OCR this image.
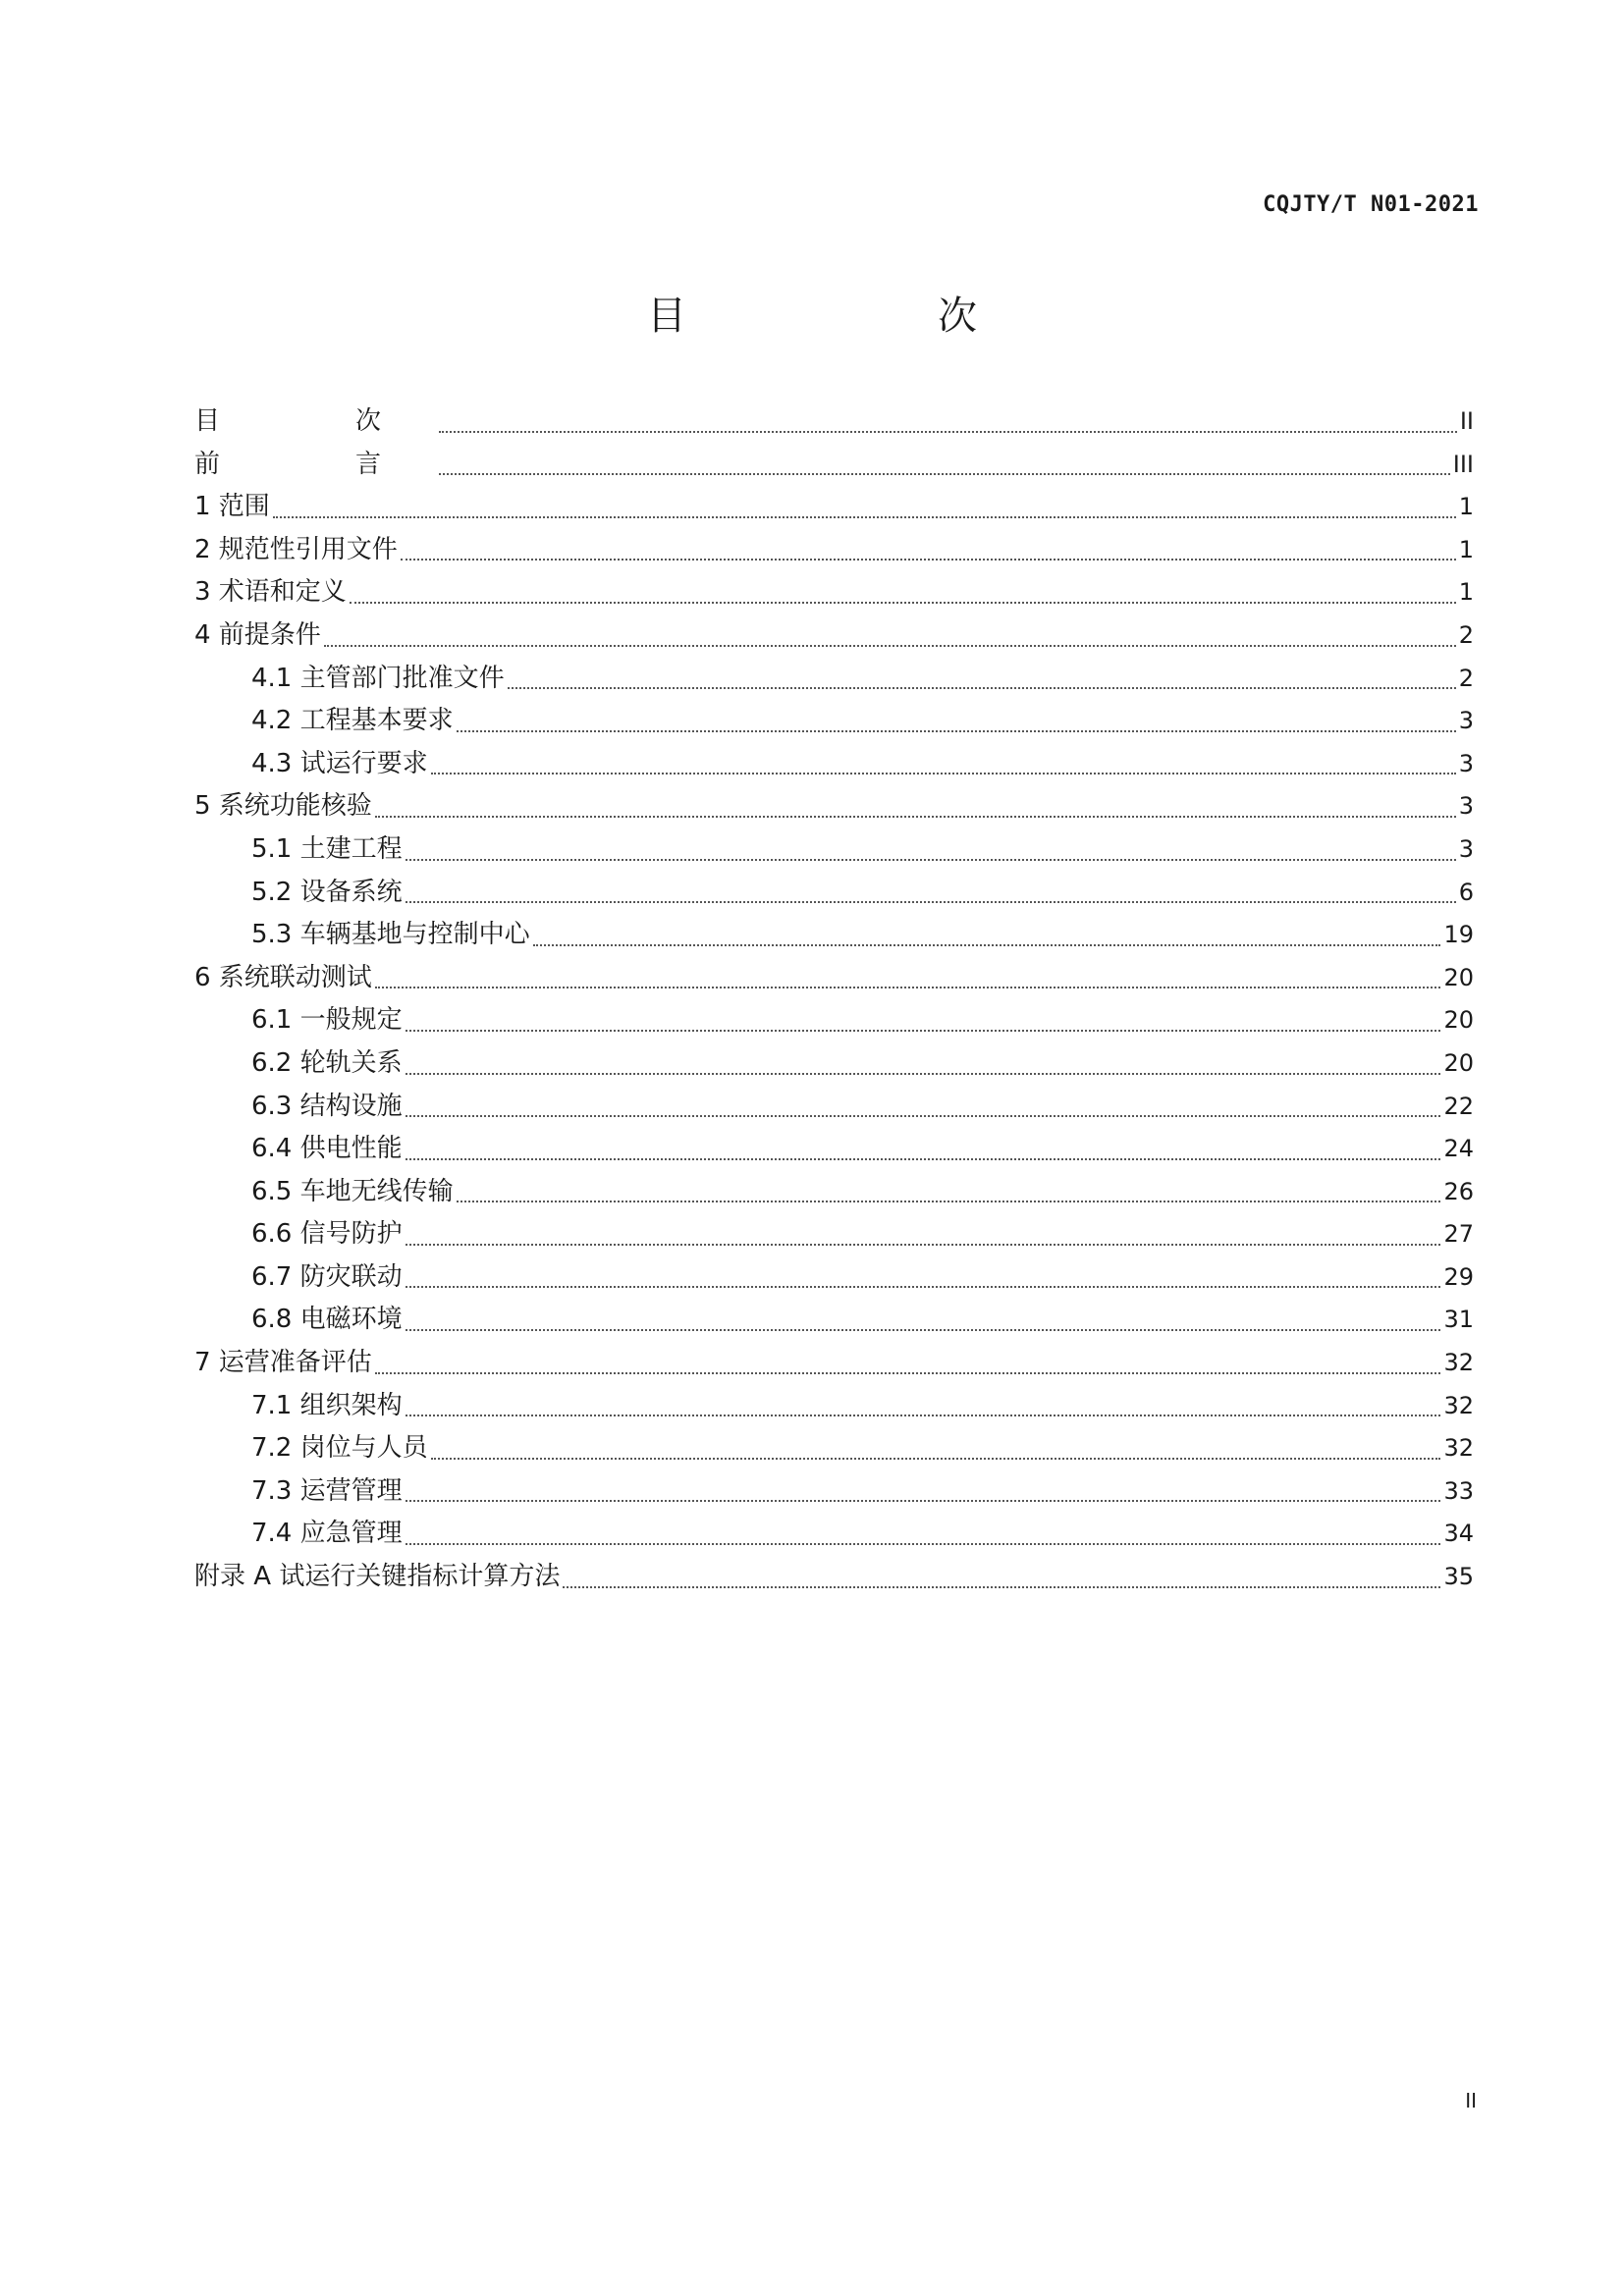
CQJTY/T N01-2021
目　次
目　次	II
前　言	III
1 范围	1
2 规范性引用文件	1
3 术语和定义	1
4 前提条件	2
4.1 主管部门批准文件	2
4.2 工程基本要求	3
4.3 试运行要求	3
5 系统功能核验	3
5.1 土建工程	3
5.2 设备系统	6
5.3 车辆基地与控制中心	19
6 系统联动测试	20
6.1 一般规定	20
6.2 轮轨关系	20
6.3 结构设施	22
6.4 供电性能	24
6.5 车地无线传输	26
6.6 信号防护	27
6.7 防灾联动	29
6.8 电磁环境	31
7 运营准备评估	32
7.1 组织架构	32
7.2 岗位与人员	32
7.3 运营管理	33
7.4 应急管理	34
附录 A 试运行关键指标计算方法	35
II
